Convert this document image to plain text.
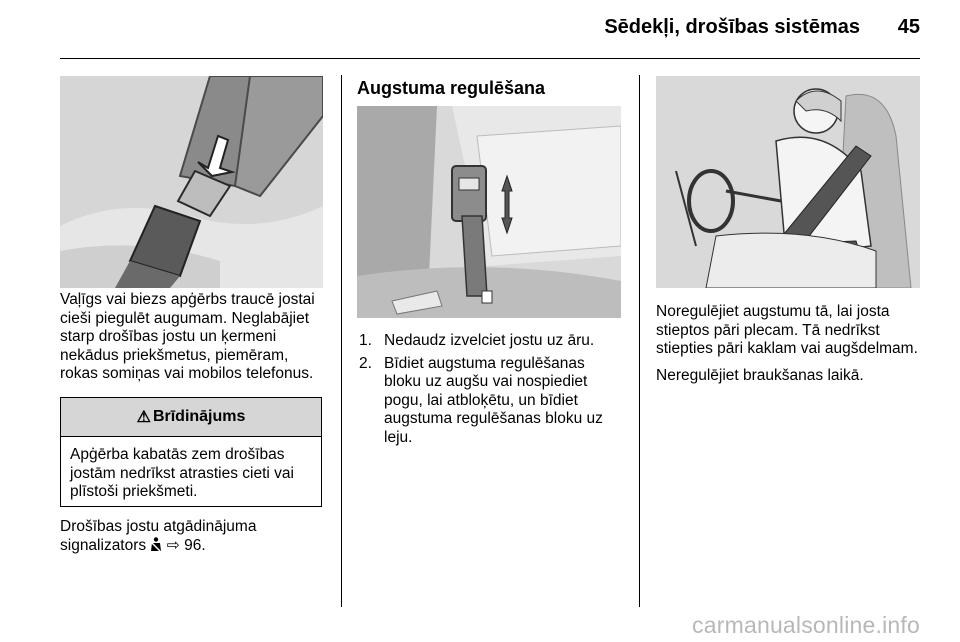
Sēdekļi, drošības sistēmas 45

Vaļīgs vai biezs apģērbs traucē jostai cieši piegulēt augumam. Neglabājiet starp drošības jostu un ķermeni nekādus priekšmetus, piemēram, rokas somiņas vai mobilos telefonus.

⚠ Brīdinājums
Apģērba kabatās zem drošības jostām nedrīkst atrasties cieti vai plīstoši priekšmeti.
Drošības jostu atgādinājuma
signalizators ⇨ 96.
Augstuma regulēšana
1. Nedaudz izvelciet jostu uz āru.
2. Bīdiet augstuma regulēšanas bloku uz augšu vai nospiediet pogu, lai atbloķētu, un bīdiet augstuma regulēšanas bloku uz leju.

Noregulējiet augstumu tā, lai josta stieptos pāri plecam. Tā nedrīkst stiepties pāri kaklam vai augšdelmam.

Neregulējiet braukšanas laikā.

carmanualsonline.info
